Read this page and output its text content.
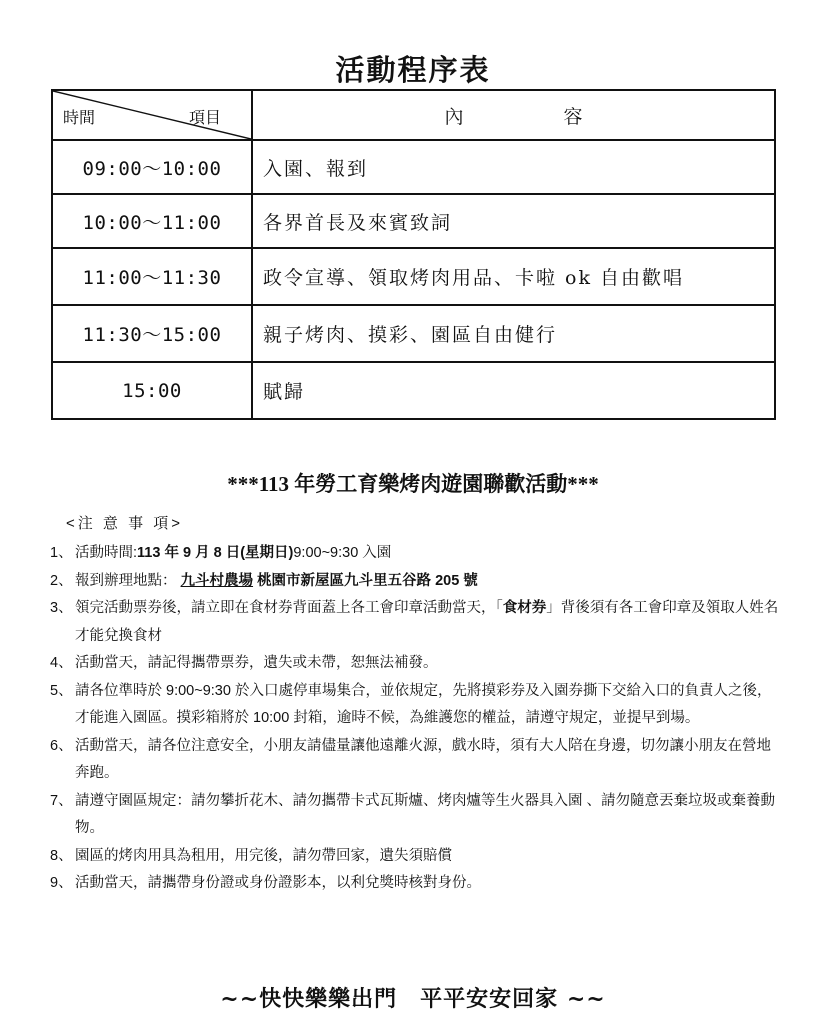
活動程序表
時間 項目	內容
09:00～10:00	入園、報到
10:00～11:00	各界首長及來賓致詞
11:00～11:30	政令宣導、領取烤肉用品、卡啦 ok 自由歡唱
11:30～15:00	親子烤肉、摸彩、園區自由健行
15:00	賦歸
***113 年勞工育樂烤肉遊園聯歡活動***
<注 意 事 項>
1、 活動時間:113 年 9 月 8 日(星期日)9:00~9:30 入園
2、 報到辦理地點： 九斗村農場 桃園市新屋區九斗里五谷路 205 號
3、 領完活動票券後，請立即在食材券背面蓋上各工會印章活動當天，「食材券」背後須有各工會印章及領取人姓名才能兌換食材
4、 活動當天，請記得攜帶票券，遺失或未帶，恕無法補發。
5、 請各位準時於 9:00~9:30 於入口處停車場集合，並依規定，先將摸彩券及入園券撕下交給入口的負責人之後，才能進入園區。摸彩箱將於 10:00 封箱，逾時不候，為維護您的權益，請遵守規定，並提早到場。
6、 活動當天，請各位注意安全，小朋友請儘量讓他遠離火源，戲水時，須有大人陪在身邊，切勿讓小朋友在營地奔跑。
7、 請遵守園區規定：請勿攀折花木、請勿攜帶卡式瓦斯爐、烤肉爐等生火器具入園 、請勿隨意丟棄垃圾或棄養動物。
8、 園區的烤肉用具為租用，用完後，請勿帶回家，遺失須賠償
9、 活動當天，請攜帶身份證或身份證影本，以利兌獎時核對身份。
~~快快樂樂出門　平平安安回家 ~~
